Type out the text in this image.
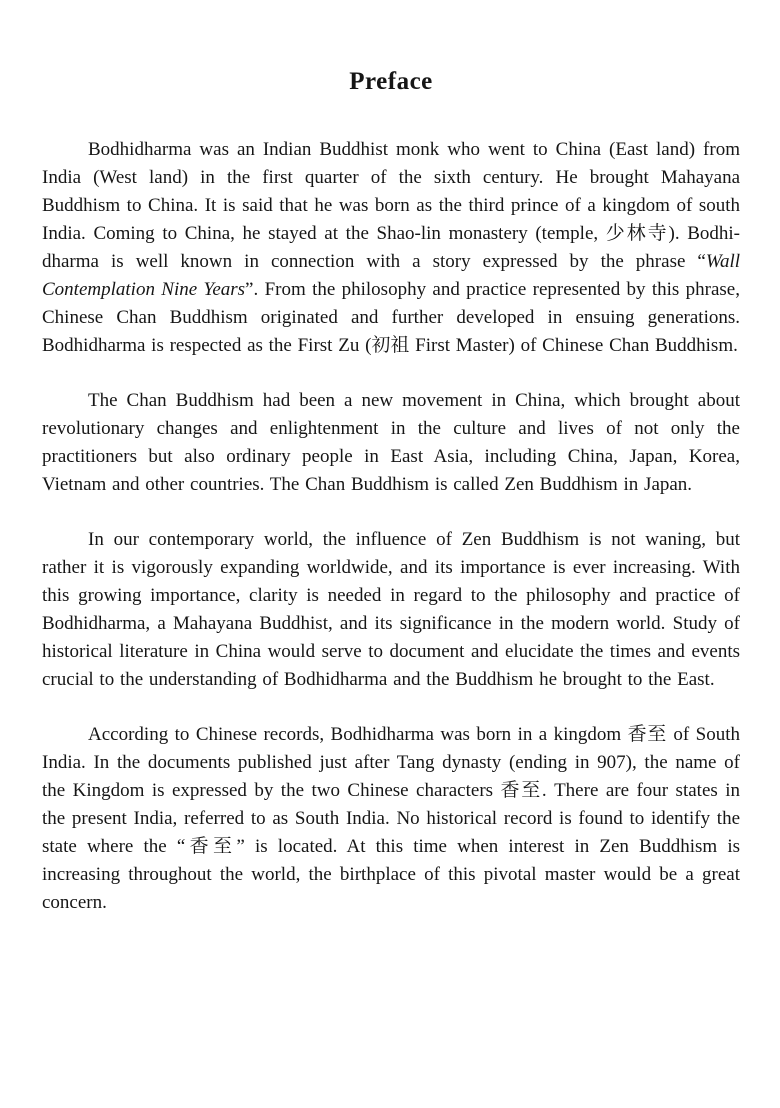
Preface

Bodhidharma was an Indian Buddhist monk who went to China (East land) from India (West land) in the first quarter of the sixth century. He brought Mahayana Buddhism to China. It is said that he was born as the third prince of a kingdom of south India. Coming to China, he stayed at the Shao-lin monastery (temple, 少林寺). Bodhi-dharma is well known in connection with a story expressed by the phrase “Wall Contemplation Nine Years”. From the philosophy and practice represented by this phrase, Chinese Chan Buddhism originated and further developed in ensuing generations. Bodhidharma is respected as the First Zu (初祖 First Master) of Chinese Chan Buddhism.

The Chan Buddhism had been a new movement in China, which brought about revolutionary changes and enlightenment in the culture and lives of not only the practitioners but also ordinary people in East Asia, including China, Japan, Korea, Vietnam and other countries. The Chan Buddhism is called Zen Buddhism in Japan.

In our contemporary world, the influence of Zen Buddhism is not waning, but rather it is vigorously expanding worldwide, and its importance is ever increasing. With this growing importance, clarity is needed in regard to the philosophy and practice of Bodhidharma, a Mahayana Buddhist, and its significance in the modern world. Study of historical literature in China would serve to document and elucidate the times and events crucial to the understanding of Bodhidharma and the Buddhism he brought to the East.

According to Chinese records, Bodhidharma was born in a kingdom 香至 of South India. In the documents published just after Tang dynasty (ending in 907), the name of the Kingdom is expressed by the two Chinese characters 香至. There are four states in the present India, referred to as South India. No historical record is found to identify the state where the “香至” is located. At this time when interest in Zen Buddhism is increasing throughout the world, the birthplace of this pivotal master would be a great concern.
